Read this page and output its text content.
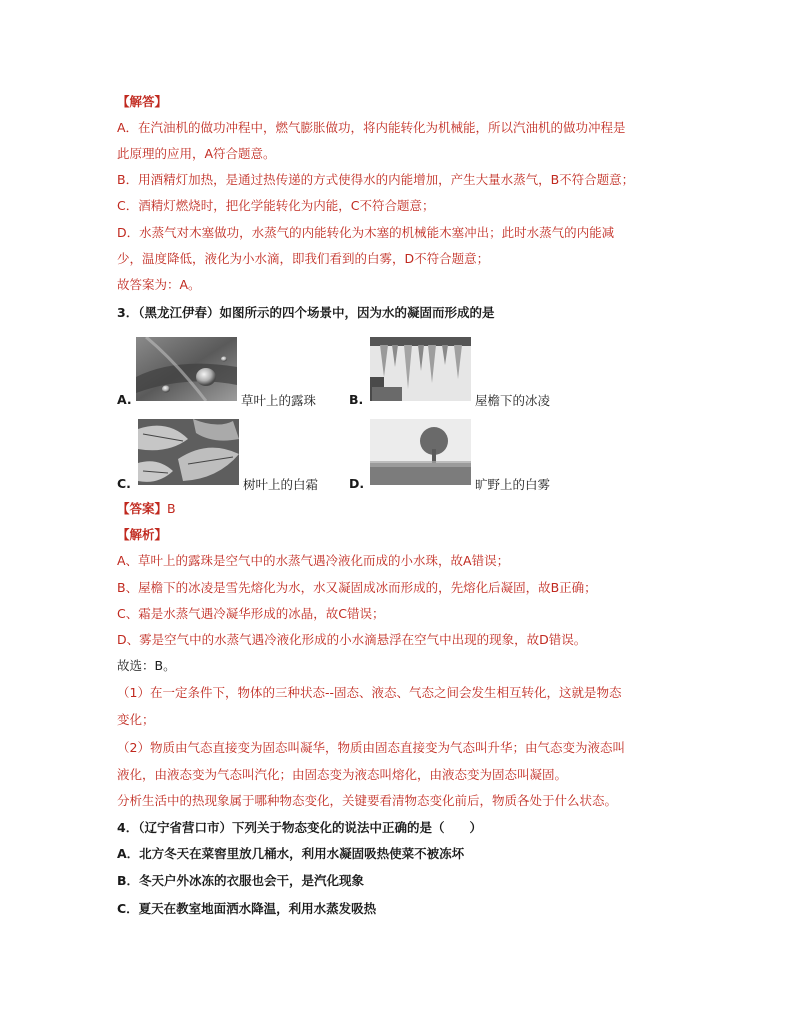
【解答】
A．在汽油机的做功冲程中，燃气膨胀做功，将内能转化为机械能，所以汽油机的做功冲程是
此原理的应用，A符合题意。
B．用酒精灯加热，是通过热传递的方式使得水的内能增加，产生大量水蒸气，B不符合题意；
C．酒精灯燃烧时，把化学能转化为内能，C不符合题意；
D．水蒸气对木塞做功，水蒸气的内能转化为木塞的机械能木塞冲出；此时水蒸气的内能减
少，温度降低，液化为小水滴，即我们看到的白雾，D不符合题意；
故答案为：A。
3．（黑龙江伊春）如图所示的四个场景中，因为水的凝固而形成的是
A.	草叶上的露珠	B.	屋檐下的冰凌
C.	树叶上的白霜 D.	旷野上的白雾
【答案】B
【解析】
A、草叶上的露珠是空气中的水蒸气遇冷液化而成的小水珠，故A错误；
B、屋檐下的冰凌是雪先熔化为水，水又凝固成冰而形成的，先熔化后凝固，故B正确；
C、霜是水蒸气遇冷凝华形成的冰晶，故C错误；
D、雾是空气中的水蒸气遇冷液化形成的小水滴悬浮在空气中出现的现象，故D错误。
故选：B。
（1）在一定条件下，物体的三种状态--固态、液态、气态之间会发生相互转化，这就是物态
变化；
（2）物质由气态直接变为固态叫凝华，物质由固态直接变为气态叫升华；由气态变为液态叫
液化，由液态变为气态叫汽化；由固态变为液态叫熔化，由液态变为固态叫凝固。
分析生活中的热现象属于哪种物态变化，关键要看清物态变化前后，物质各处于什么状态。
4．（辽宁省营口市）下列关于物态变化的说法中正确的是（　　）
A．北方冬天在菜窖里放几桶水，利用水凝固吸热使菜不被冻坏
B．冬天户外冰冻的衣服也会干，是汽化现象
C．夏天在教室地面洒水降温，利用水蒸发吸热
